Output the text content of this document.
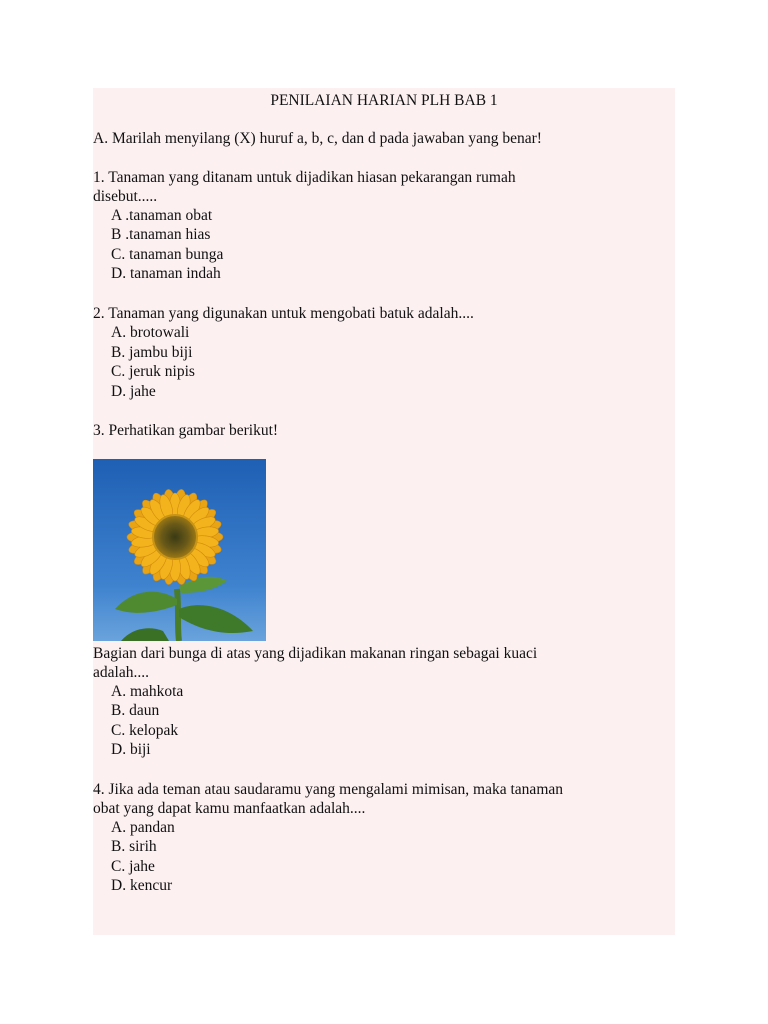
PENILAIAN HARIAN PLH BAB 1
A. Marilah menyilang (X) huruf a, b, c, dan d pada jawaban yang benar!
1. Tanaman yang ditanam untuk dijadikan hiasan pekarangan rumah
disebut.....
A .tanaman obat
B .tanaman hias
C. tanaman bunga
D. tanaman indah
2. Tanaman yang digunakan untuk mengobati batuk adalah....
A. brotowali
B. jambu biji
C. jeruk nipis
D. jahe
3. Perhatikan gambar berikut!
Bagian dari bunga di atas yang dijadikan makanan ringan sebagai kuaci
adalah....
A. mahkota
B. daun
C. kelopak
D. biji
4. Jika ada teman atau saudaramu yang mengalami mimisan, maka tanaman
obat yang dapat kamu manfaatkan adalah....
A. pandan
B. sirih
C. jahe
D. kencur
